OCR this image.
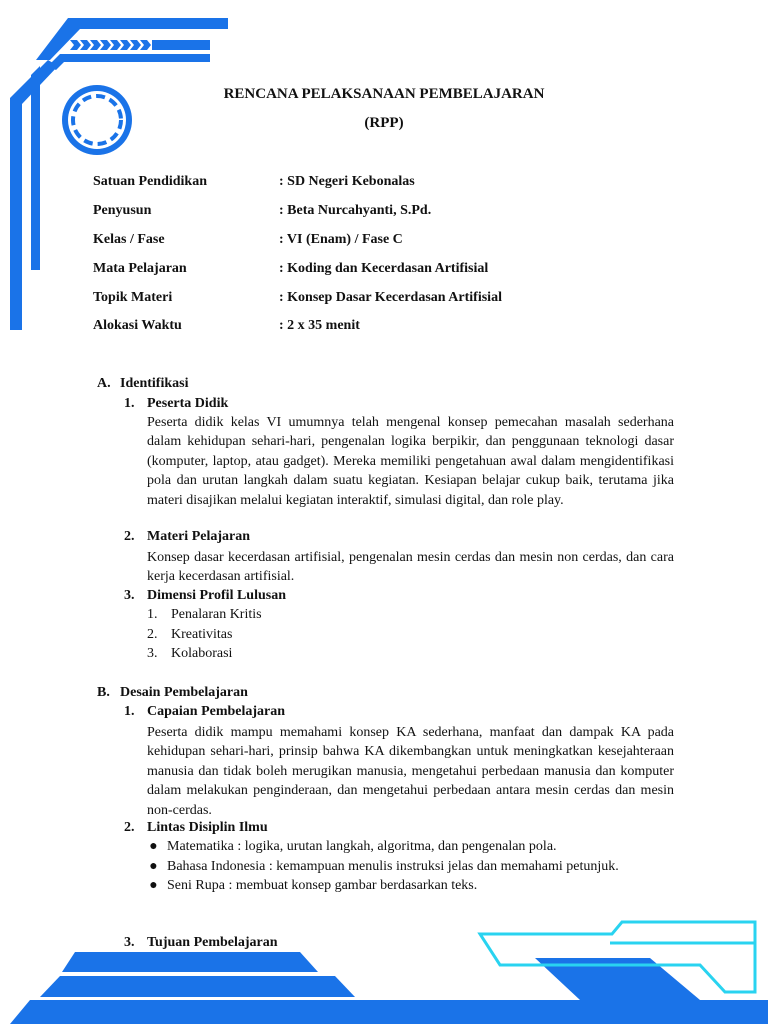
RENCANA PELAKSANAAN PEMBELAJARAN
(RPP)
Satuan Pendidikan	: SD Negeri Kebonalas
Penyusun	: Beta Nurcahyanti, S.Pd.
Kelas / Fase	: VI (Enam) / Fase C
Mata Pelajaran	: Koding dan Kecerdasan Artifisial
Topik Materi	: Konsep Dasar Kecerdasan Artifisial
Alokasi Waktu	: 2 x 35 menit
A. Identifikasi
1. Peserta Didik

Peserta didik kelas VI umumnya telah mengenal konsep pemecahan masalah sederhana dalam kehidupan sehari-hari, pengenalan logika berpikir, dan penggunaan teknologi dasar (komputer, laptop, atau gadget). Mereka memiliki pengetahuan awal dalam mengidentifikasi pola dan urutan langkah dalam suatu kegiatan. Kesiapan belajar cukup baik, terutama jika materi disajikan melalui kegiatan interaktif, simulasi digital, dan role play.

2. Materi Pelajaran

Konsep dasar kecerdasan artifisial, pengenalan mesin cerdas dan mesin non cerdas, dan cara kerja kecerdasan artifisial.

3. Dimensi Profil Lulusan
1. Penalaran Kritis
2. Kreativitas
3. Kolaborasi
B. Desain Pembelajaran
1. Capaian Pembelajaran

Peserta didik mampu memahami konsep KA sederhana, manfaat dan dampak KA pada kehidupan sehari-hari, prinsip bahwa KA dikembangkan untuk meningkatkan kesejahteraan manusia dan tidak boleh merugikan manusia, mengetahui perbedaan manusia dan komputer dalam melakukan penginderaan, dan mengetahui perbedaan antara mesin cerdas dan mesin non-cerdas.

2. Lintas Disiplin Ilmu
● Matematika : logika, urutan langkah, algoritma, dan pengenalan pola.
● Bahasa Indonesia : kemampuan menulis instruksi jelas dan memahami petunjuk.
● Seni Rupa : membuat konsep gambar berdasarkan teks.
3. Tujuan Pembelajaran
